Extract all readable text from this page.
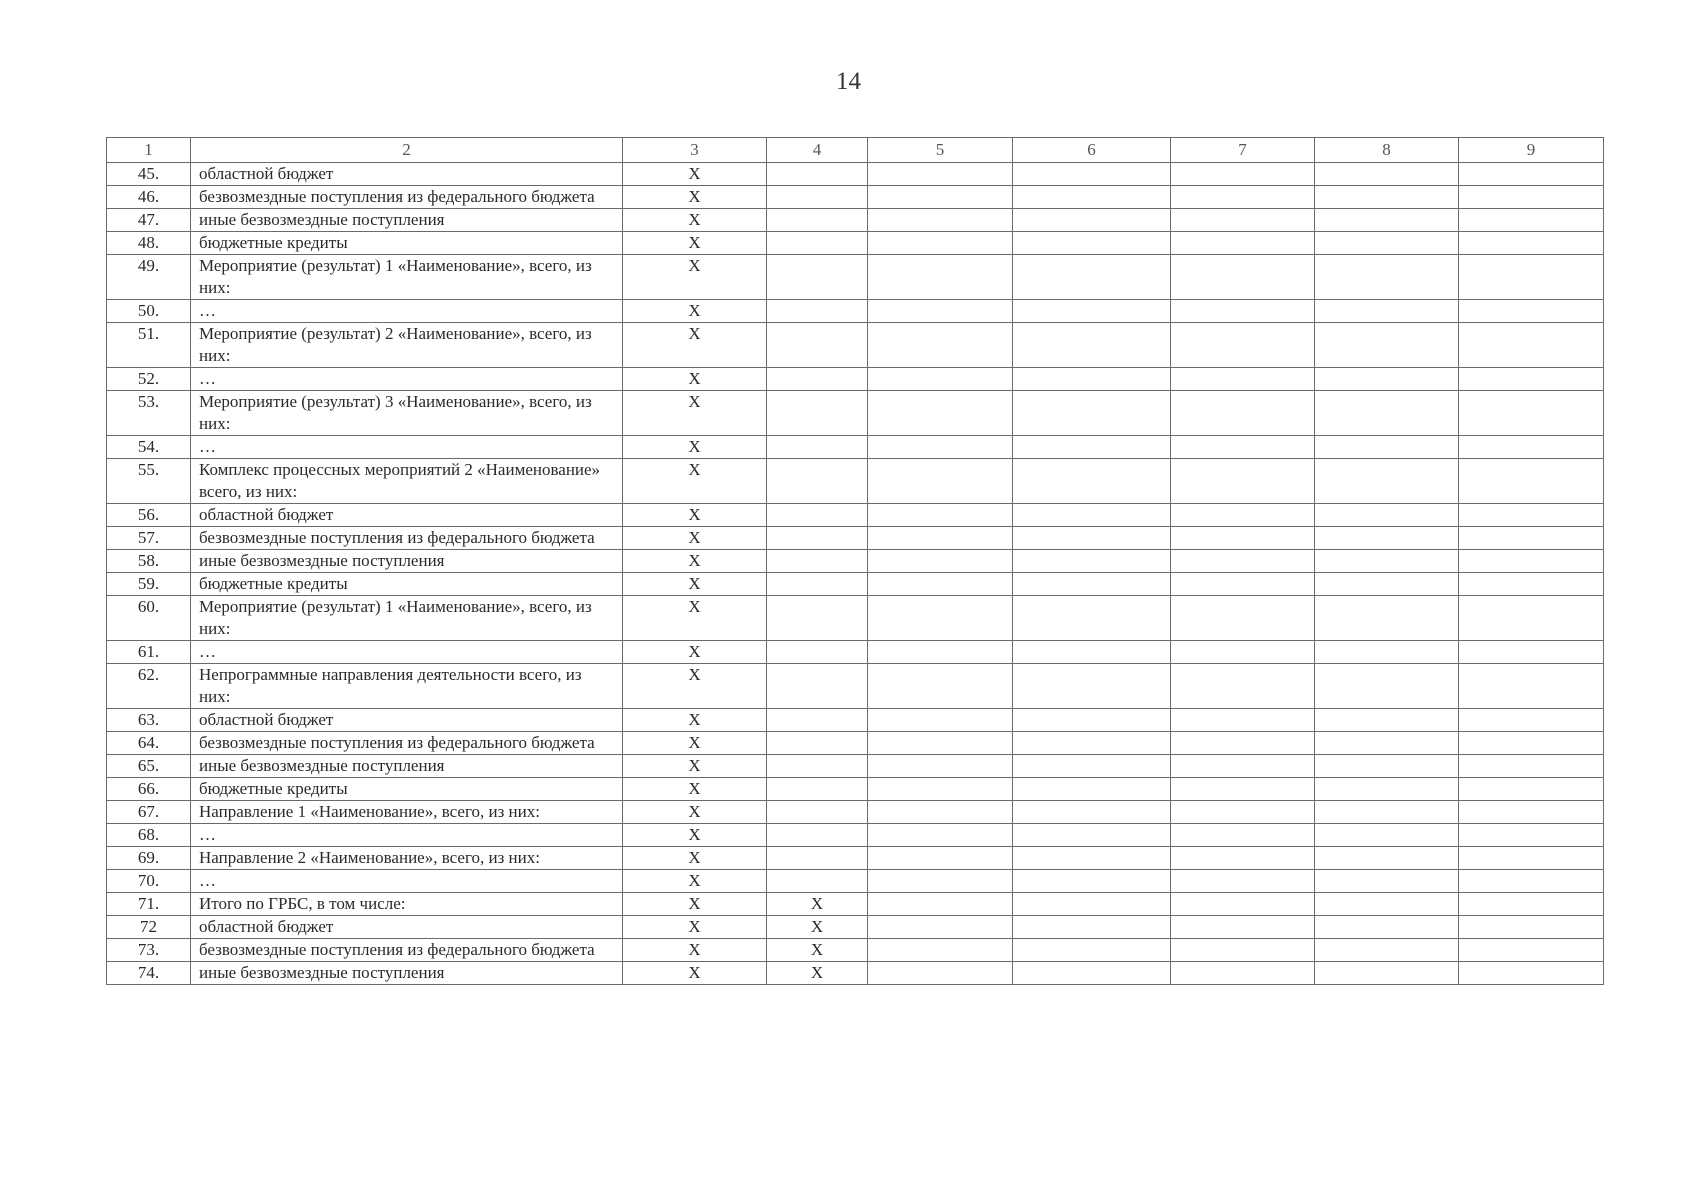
14
1	2	3	4	5	6	7	8	9
45.	областной бюджет	X						
46.	безвозмездные поступления из федерального бюджета	X						
47.	иные безвозмездные поступления	X						
48.	бюджетные кредиты	X						
49.	Мероприятие (результат) 1 «Наименование», всего, из них:	X						
50.	…	X						
51.	Мероприятие (результат) 2 «Наименование», всего, из них:	X						
52.	…	X						
53.	Мероприятие (результат) 3 «Наименование», всего, из них:	X						
54.	…	X						
55.	Комплекс процессных мероприятий 2 «Наименование» всего, из них:	X						
56.	областной бюджет	X						
57.	безвозмездные поступления из федерального бюджета	X						
58.	иные безвозмездные поступления	X						
59.	бюджетные кредиты	X						
60.	Мероприятие (результат) 1 «Наименование», всего, из них:	X						
61.	…	X						
62.	Непрограммные направления деятельности всего, из них:	X						
63.	областной бюджет	X						
64.	безвозмездные поступления из федерального бюджета	X						
65.	иные безвозмездные поступления	X						
66.	бюджетные кредиты	X						
67.	Направление 1 «Наименование», всего, из них:	X						
68.	…	X						
69.	Направление 2 «Наименование», всего, из них:	X						
70.	…	X						
71.	Итого по ГРБС, в том числе:	X	X					
72	областной бюджет	X	X					
73.	безвозмездные поступления из федерального бюджета	X	X					
74.	иные безвозмездные поступления	X	X					
